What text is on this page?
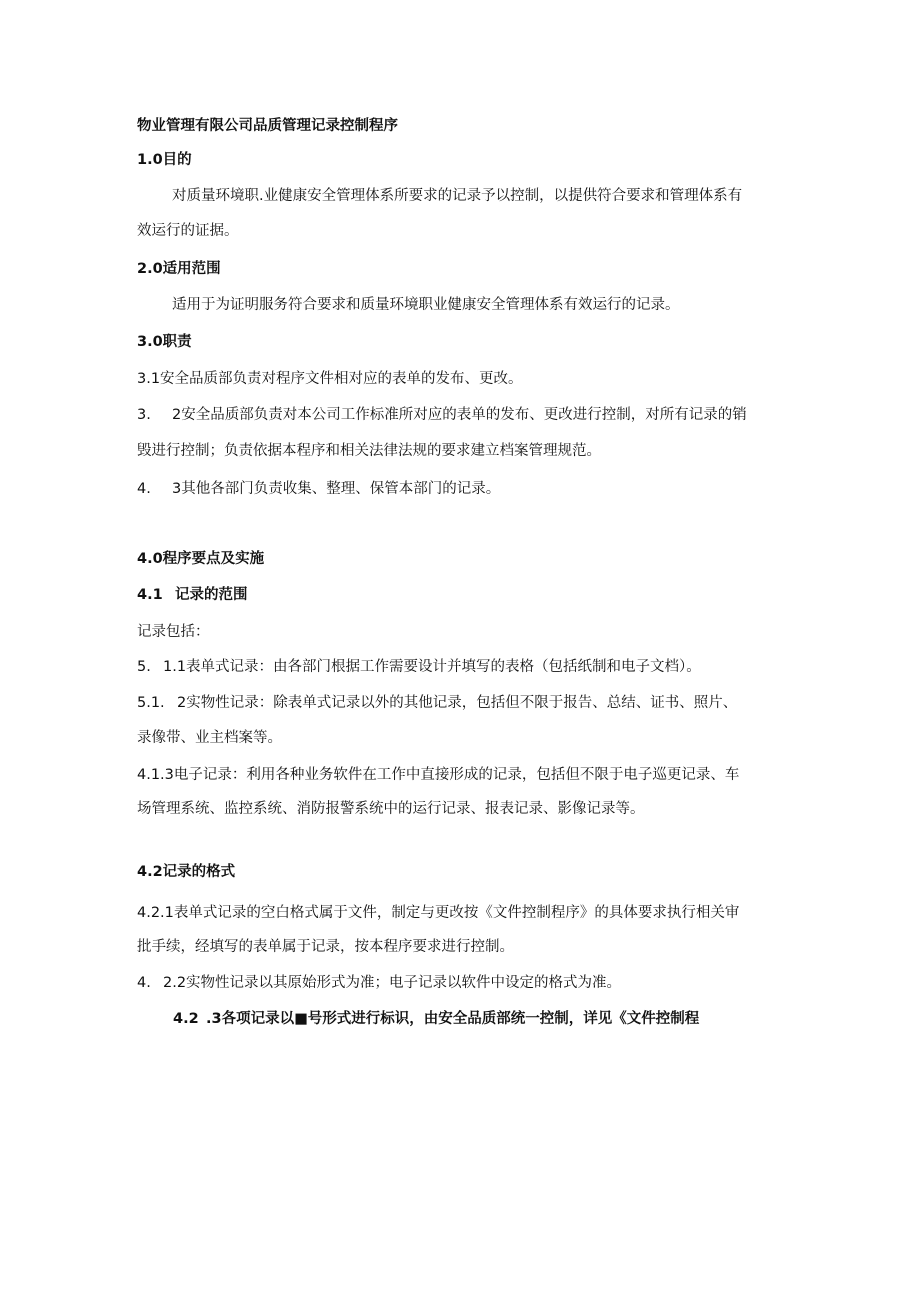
物业管理有限公司品质管理记录控制程序
1.0目的
对质量环境职.业健康安全管理体系所要求的记录予以控制，以提供符合要求和管理体系有
效运行的证据。
2.0适用范围
适用于为证明服务符合要求和质量环境职业健康安全管理体系有效运行的记录。
3.0职责
3.1安全品质部负责对程序文件相对应的表单的发布、更改。
3. 2安全品质部负责对本公司工作标准所对应的表单的发布、更改进行控制，对所有记录的销
毁进行控制；负责依据本程序和相关法律法规的要求建立档案管理规范。
4. 3其他各部门负责收集、整理、保管本部门的记录。
4.0程序要点及实施
4.1 记录的范围
记录包括：
5. 1.1表单式记录：由各部门根据工作需要设计并填写的表格（包括纸制和电子文档）。
5.1. 2实物性记录：除表单式记录以外的其他记录，包括但不限于报告、总结、证书、照片、
录像带、业主档案等。
4.1.3电子记录：利用各种业务软件在工作中直接形成的记录，包括但不限于电子巡更记录、车
场管理系统、监控系统、消防报警系统中的运行记录、报表记录、影像记录等。
4.2记录的格式
4.2.1表单式记录的空白格式属于文件，制定与更改按《文件控制程序》的具体要求执行相关审
批手续，经填写的表单属于记录，按本程序要求进行控制。
4. 2.2实物性记录以其原始形式为准；电子记录以软件中设定的格式为准。
4.2 .3各项记录以■号形式进行标识，由安全品质部统一控制，详见《文件控制程
